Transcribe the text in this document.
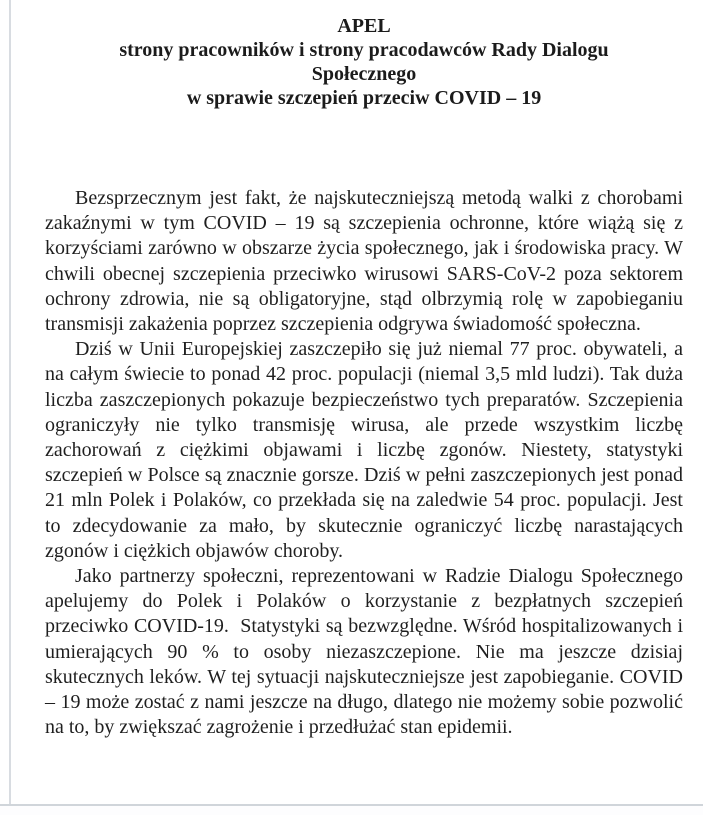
APEL
strony pracowników i strony pracodawców Rady Dialogu
Społecznego
w sprawie szczepień przeciw COVID – 19

Bezsprzecznym jest fakt, że najskuteczniejszą metodą walki z chorobami zakaźnymi w tym COVID – 19 są szczepienia ochronne, które wiążą się z korzyściami zarówno w obszarze życia społecznego, jak i środowiska pracy. W chwili obecnej szczepienia przeciwko wirusowi SARS-CoV-2 poza sektorem ochrony zdrowia, nie są obligatoryjne, stąd olbrzymią rolę w zapobieganiu transmisji zakażenia poprzez szczepienia odgrywa świadomość społeczna.

Dziś w Unii Europejskiej zaszczepiło się już niemal 77 proc. obywateli, a na całym świecie to ponad 42 proc. populacji (niemal 3,5 mld ludzi). Tak duża liczba zaszczepionych pokazuje bezpieczeństwo tych preparatów. Szczepienia ograniczyły nie tylko transmisję wirusa, ale przede wszystkim liczbę zachorowań z ciężkimi objawami i liczbę zgonów. Niestety, statystyki szczepień w Polsce są znacznie gorsze. Dziś w pełni zaszczepionych jest ponad 21 mln Polek i Polaków, co przekłada się na zaledwie 54 proc. populacji. Jest to zdecydowanie za mało, by skutecznie ograniczyć liczbę narastających zgonów i ciężkich objawów choroby.

Jako partnerzy społeczni, reprezentowani w Radzie Dialogu Społecznego apelujemy do Polek i Polaków o korzystanie z bezpłatnych szczepień przeciwko COVID-19.  Statystyki są bezwzględne. Wśród hospitalizowanych i umierających 90 % to osoby niezaszczepione. Nie ma jeszcze dzisiaj skutecznych leków. W tej sytuacji najskuteczniejsze jest zapobieganie. COVID – 19 może zostać z nami jeszcze na długo, dlatego nie możemy sobie pozwolić na to, by zwiększać zagrożenie i przedłużać stan epidemii.
